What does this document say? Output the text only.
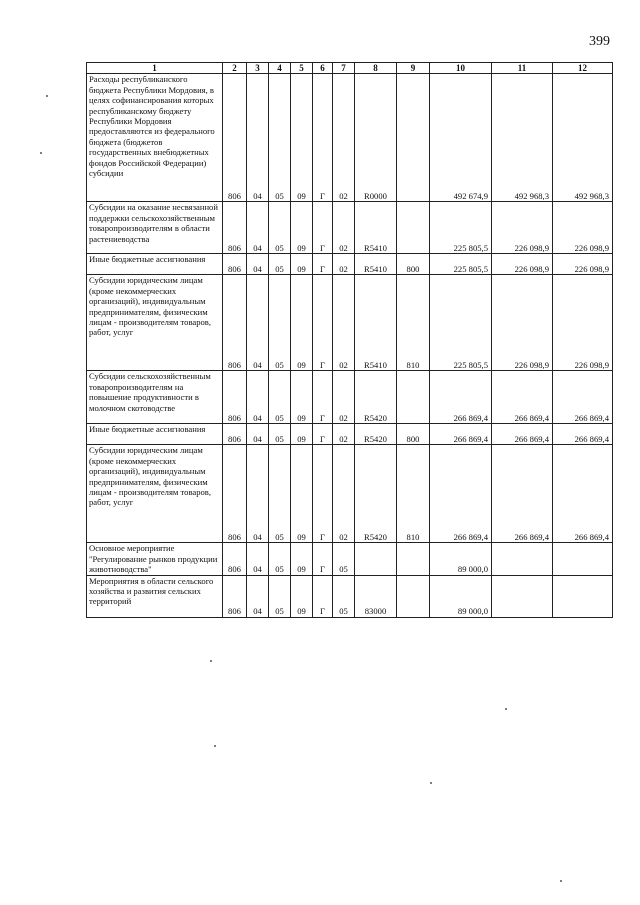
399
1	2	3	4	5	6	7	8	9	10	11	12
Расходы республиканского бюджета Республики Мордовия, в целях софинансирования которых республиканскому бюджету Республики Мордовия предоставляются из федерального бюджета (бюджетов государственных внебюджетных фондов Российской Федерации) субсидии	806	04	05	09	Г	02	R0000		492 674,9	492 968,3	492 968,3
Субсидии на оказание несвязанной поддержки сельскохозяйственным товаропроизводителям в области растениеводства	806	04	05	09	Г	02	R5410		225 805,5	226 098,9	226 098,9
Иные бюджетные ассигнования	806	04	05	09	Г	02	R5410	800	225 805,5	226 098,9	226 098,9
Субсидии юридическим лицам (кроме некоммерческих организаций), индивидуальным предпринимателям, физическим лицам - производителям товаров, работ, услуг	806	04	05	09	Г	02	R5410	810	225 805,5	226 098,9	226 098,9
Субсидии сельскохозяйственным товаропроизводителям на повышение продуктивности в молочном скотоводстве	806	04	05	09	Г	02	R5420		266 869,4	266 869,4	266 869,4
Иные бюджетные ассигнования	806	04	05	09	Г	02	R5420	800	266 869,4	266 869,4	266 869,4
Субсидии юридическим лицам (кроме некоммерческих организаций), индивидуальным предпринимателям, физическим лицам - производителям товаров, работ, услуг	806	04	05	09	Г	02	R5420	810	266 869,4	266 869,4	266 869,4
Основное мероприятие "Регулирование рынков продукции животноводства"	806	04	05	09	Г	05			89 000,0		
Мероприятия в области сельского хозяйства и развития сельских территорий	806	04	05	09	Г	05	83000		89 000,0		
